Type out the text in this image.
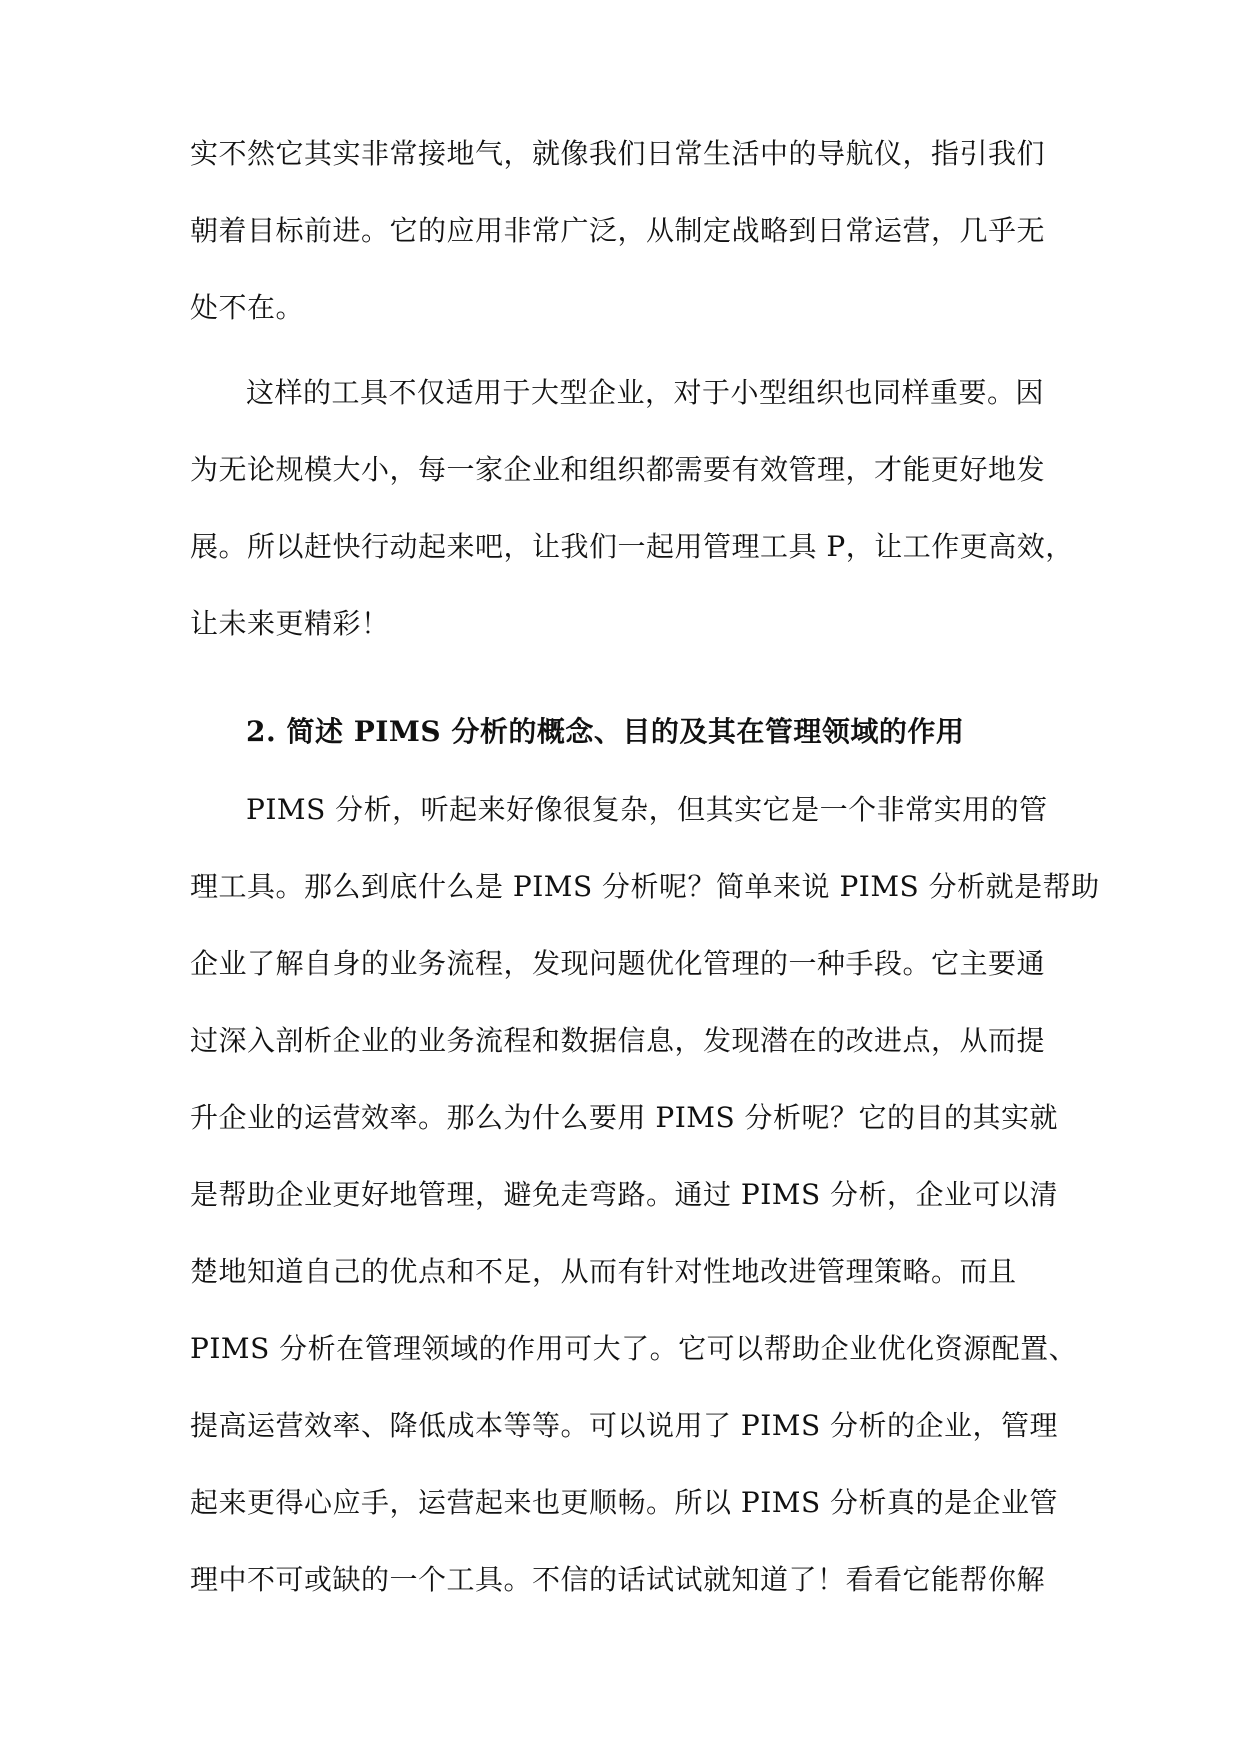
实不然它其实非常接地气，就像我们日常生活中的导航仪，指引我们
朝着目标前进。它的应用非常广泛，从制定战略到日常运营，几乎无
处不在。
这样的工具不仅适用于大型企业，对于小型组织也同样重要。因
为无论规模大小，每一家企业和组织都需要有效管理，才能更好地发
展。所以赶快行动起来吧，让我们一起用管理工具 P，让工作更高效，
让未来更精彩！
2. 简述 PIMS 分析的概念、目的及其在管理领域的作用
PIMS 分析，听起来好像很复杂，但其实它是一个非常实用的管
理工具。那么到底什么是 PIMS 分析呢？简单来说 PIMS 分析就是帮助
企业了解自身的业务流程，发现问题优化管理的一种手段。它主要通
过深入剖析企业的业务流程和数据信息，发现潜在的改进点，从而提
升企业的运营效率。那么为什么要用 PIMS 分析呢？它的目的其实就
是帮助企业更好地管理，避免走弯路。通过 PIMS 分析，企业可以清
楚地知道自己的优点和不足，从而有针对性地改进管理策略。而且
PIMS 分析在管理领域的作用可大了。它可以帮助企业优化资源配置、
提高运营效率、降低成本等等。可以说用了 PIMS 分析的企业，管理
起来更得心应手，运营起来也更顺畅。所以 PIMS 分析真的是企业管
理中不可或缺的一个工具。不信的话试试就知道了！看看它能帮你解
